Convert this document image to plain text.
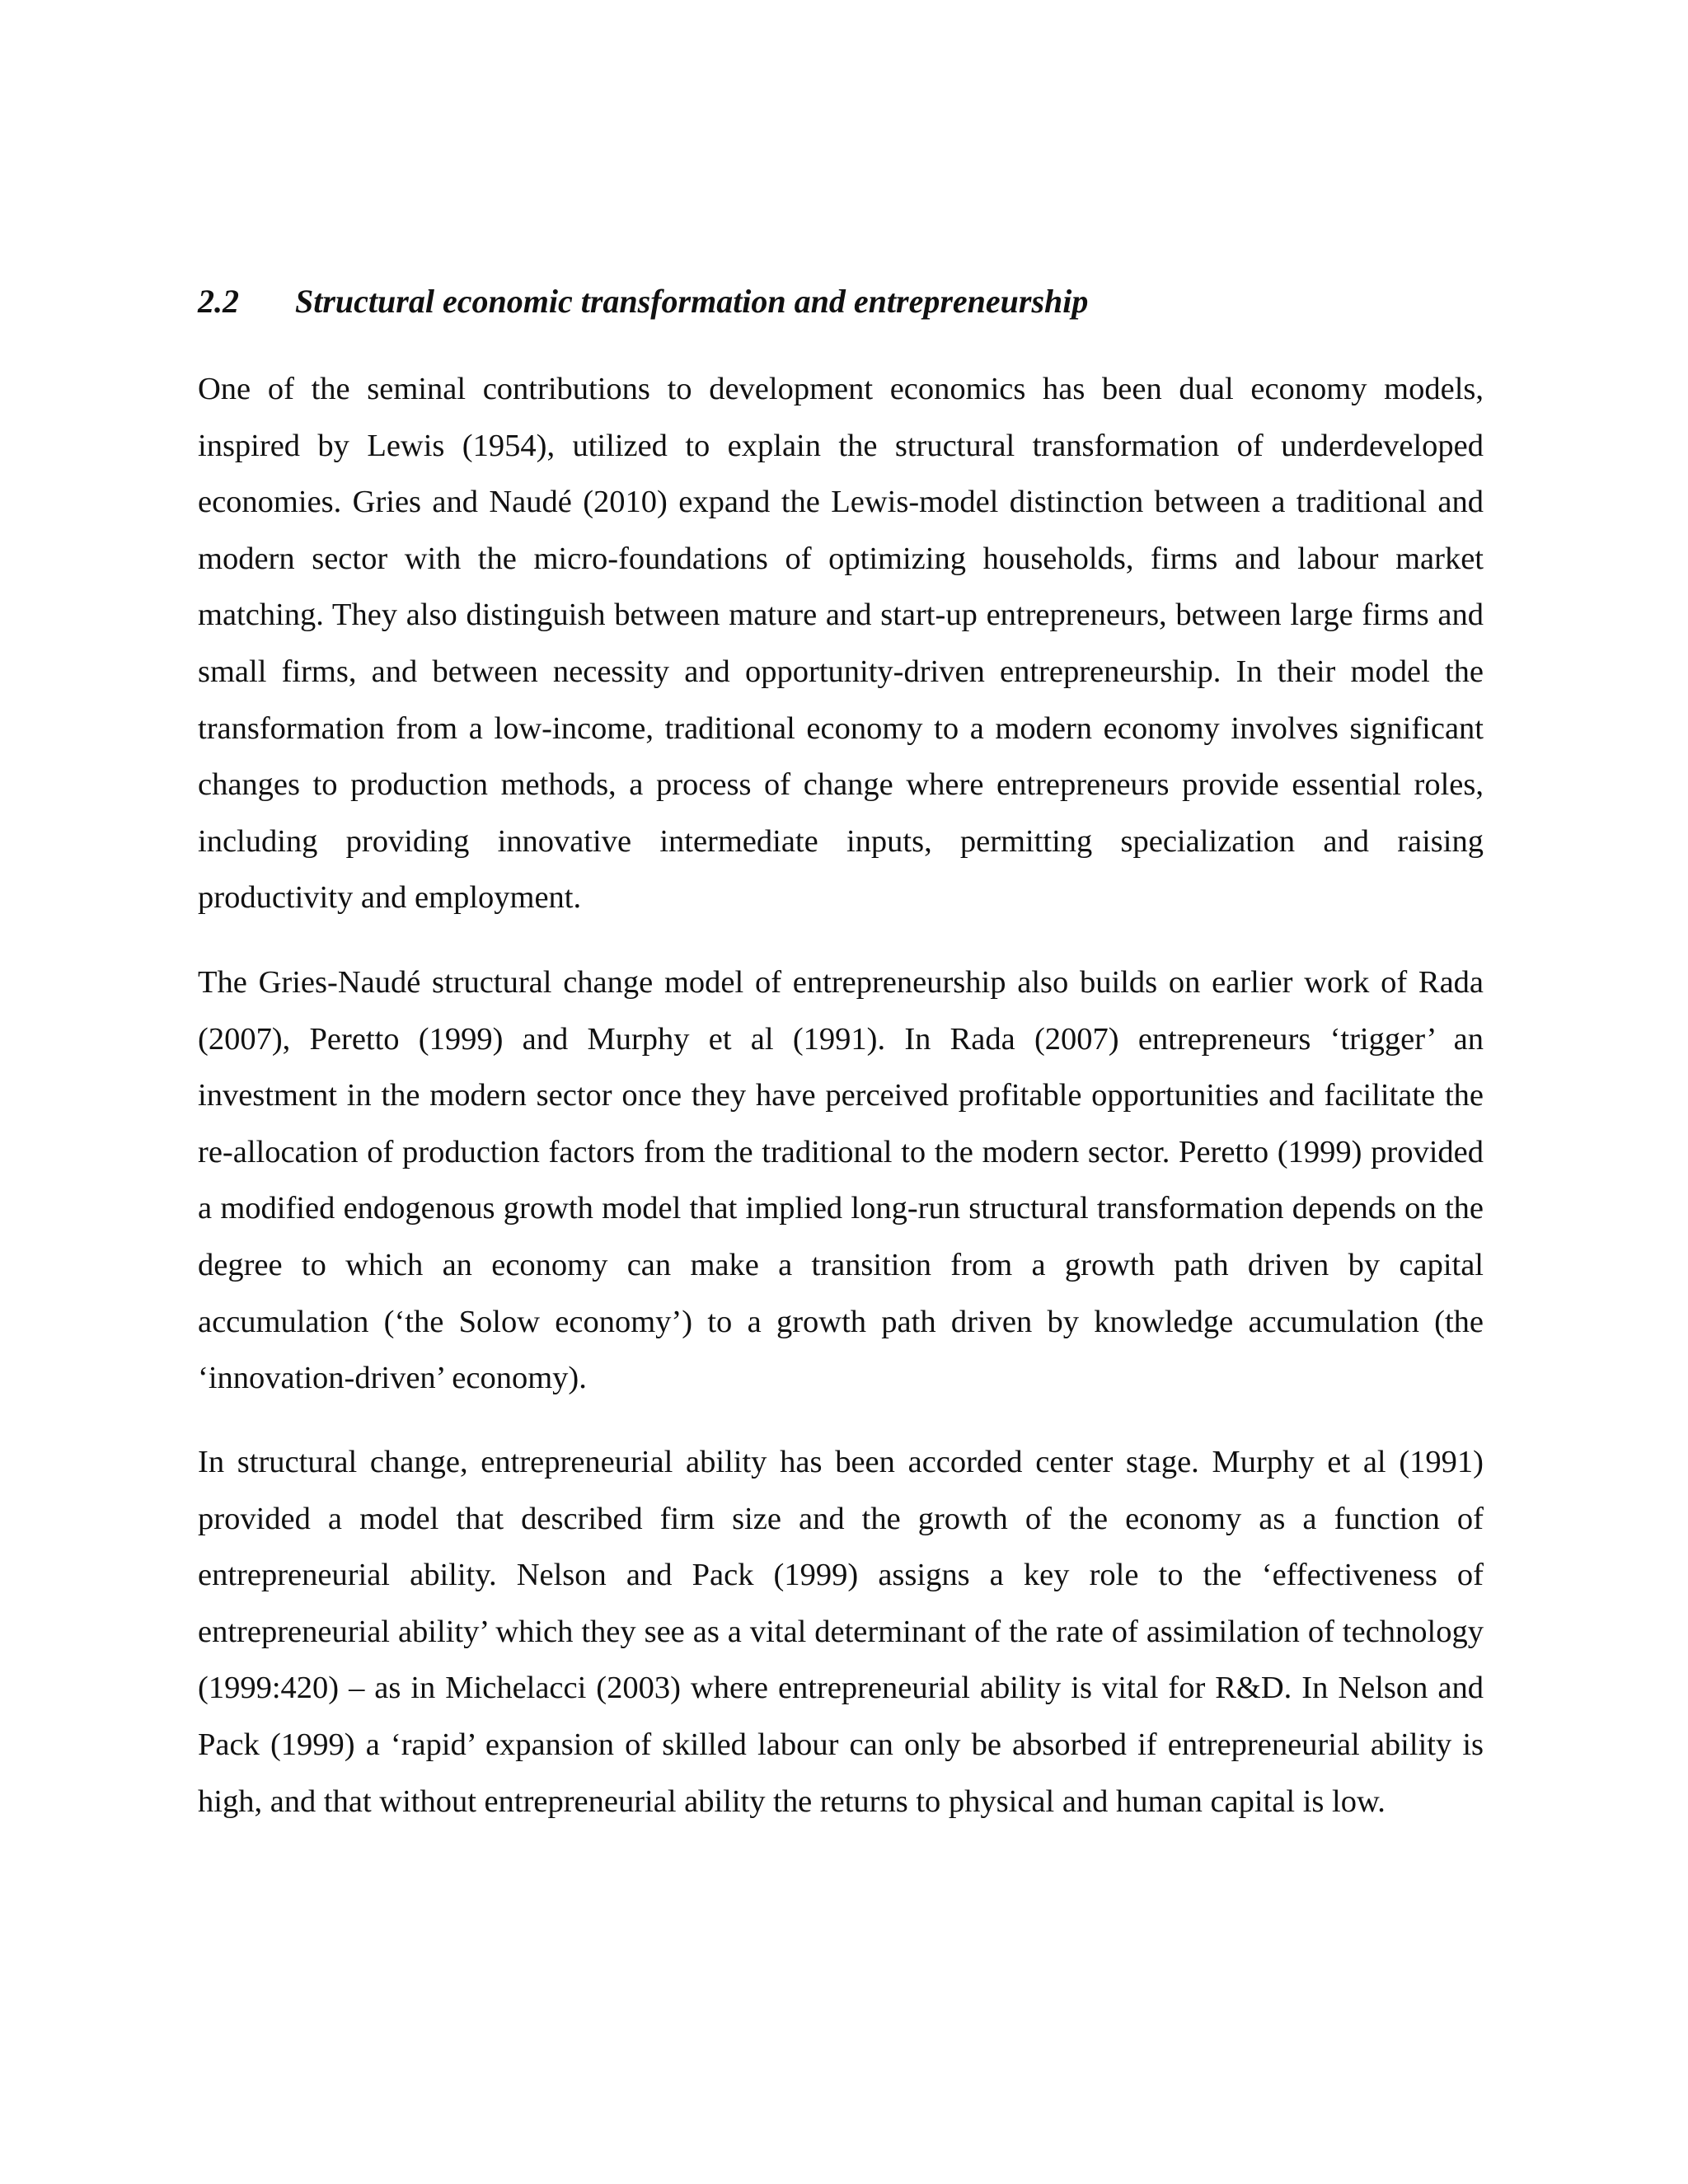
2.2 Structural economic transformation and entrepreneurship

One of the seminal contributions to development economics has been dual economy models, inspired by Lewis (1954), utilized to explain the structural transformation of underdeveloped economies. Gries and Naudé (2010) expand the Lewis-model distinction between a traditional and modern sector with the micro-foundations of optimizing households, firms and labour market matching. They also distinguish between mature and start-up entrepreneurs, between large firms and small firms, and between necessity and opportunity-driven entrepreneurship. In their model the transformation from a low-income, traditional economy to a modern economy involves significant changes to production methods, a process of change where entrepreneurs provide essential roles, including providing innovative intermediate inputs, permitting specialization and raising productivity and employment.

The Gries-Naudé structural change model of entrepreneurship also builds on earlier work of Rada (2007), Peretto (1999) and Murphy et al (1991). In Rada (2007) entrepreneurs ‘trigger’ an investment in the modern sector once they have perceived profitable opportunities and facilitate the re-allocation of production factors from the traditional to the modern sector. Peretto (1999) provided a modified endogenous growth model that implied long-run structural transformation depends on the degree to which an economy can make a transition from a growth path driven by capital accumulation (‘the Solow economy’) to a growth path driven by knowledge accumulation (the ‘innovation-driven’ economy).

In structural change, entrepreneurial ability has been accorded center stage. Murphy et al (1991) provided a model that described firm size and the growth of the economy as a function of entrepreneurial ability. Nelson and Pack (1999) assigns a key role to the ‘effectiveness of entrepreneurial ability’ which they see as a vital determinant of the rate of assimilation of technology (1999:420) – as in Michelacci (2003) where entrepreneurial ability is vital for R&D. In Nelson and Pack (1999) a ‘rapid’ expansion of skilled labour can only be absorbed if entrepreneurial ability is high, and that without entrepreneurial ability the returns to physical and human capital is low.
